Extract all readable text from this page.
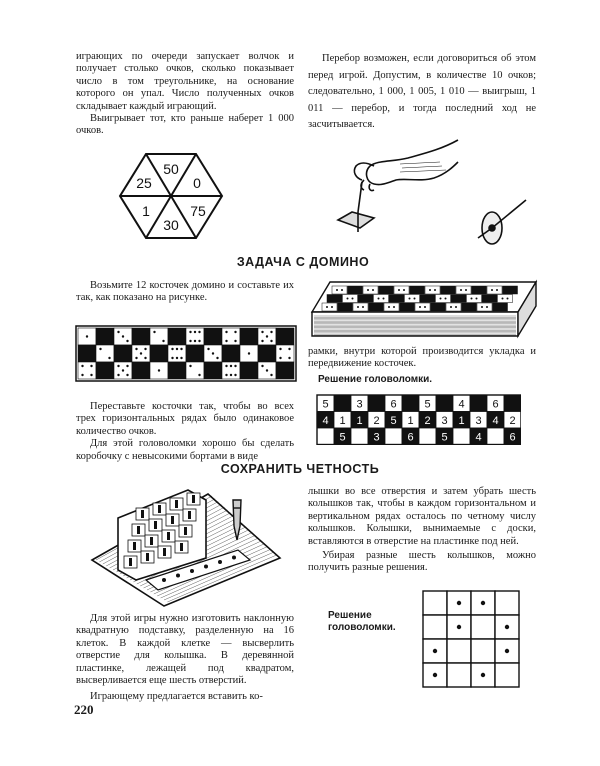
играющих по очереди запускает волчок и получает столько очков, сколько показывает число в том треугольнике, на основание которого он упал. Число полученных очков складывает каждый играющий.

Выигрывает тот, кто раньше наберет 1 000 очков.

Перебор возможен, если договориться об этом перед игрой. Допустим, в количестве 10 очков; следовательно, 1 000, 1 005, 1 010 — выигрыш, 1 011 — перебор, и тогда последний ход не засчитывается.

50
0
75
30
1
25
ЗАДАЧА С ДОМИНО

Возьмите 12 косточек домино и составьте их так, как показано на рисунке.

Переставьте косточки так, чтобы во всех трех горизонтальных рядах было одинаковое количество очков.

Для этой головоломки хорошо бы сделать коробочку с невысокими бортами в виде

рамки, внутри которой производится укладка и передвижение косточек.

Решение головоломки.
5	3	6	5	4	6
4 1 1 2 5 1 2 3 1 3 4 2
5	3	6	5	4	6
СОХРАНИТЬ ЧЕТНОСТЬ

Для этой игры нужно изготовить наклонную квадратную подставку, разделенную на 16 клеток. В каждой клетке — высверлить отверстие для колышка. В деревянной пластинке, лежащей под квадратом, высверливается еще шесть отверстий.

Играющему предлагается вставить ко-

лышки во все отверстия и затем убрать шесть колышков так, чтобы в каждом горизонтальном и вертикальном рядах осталось по четному числу колышков. Колышки, вынимаемые с доски, вставляются в отверстие на пластинке под ней.

Убирая разные шесть колышков, можно получить разные решения.

Решение головоломки.
220
